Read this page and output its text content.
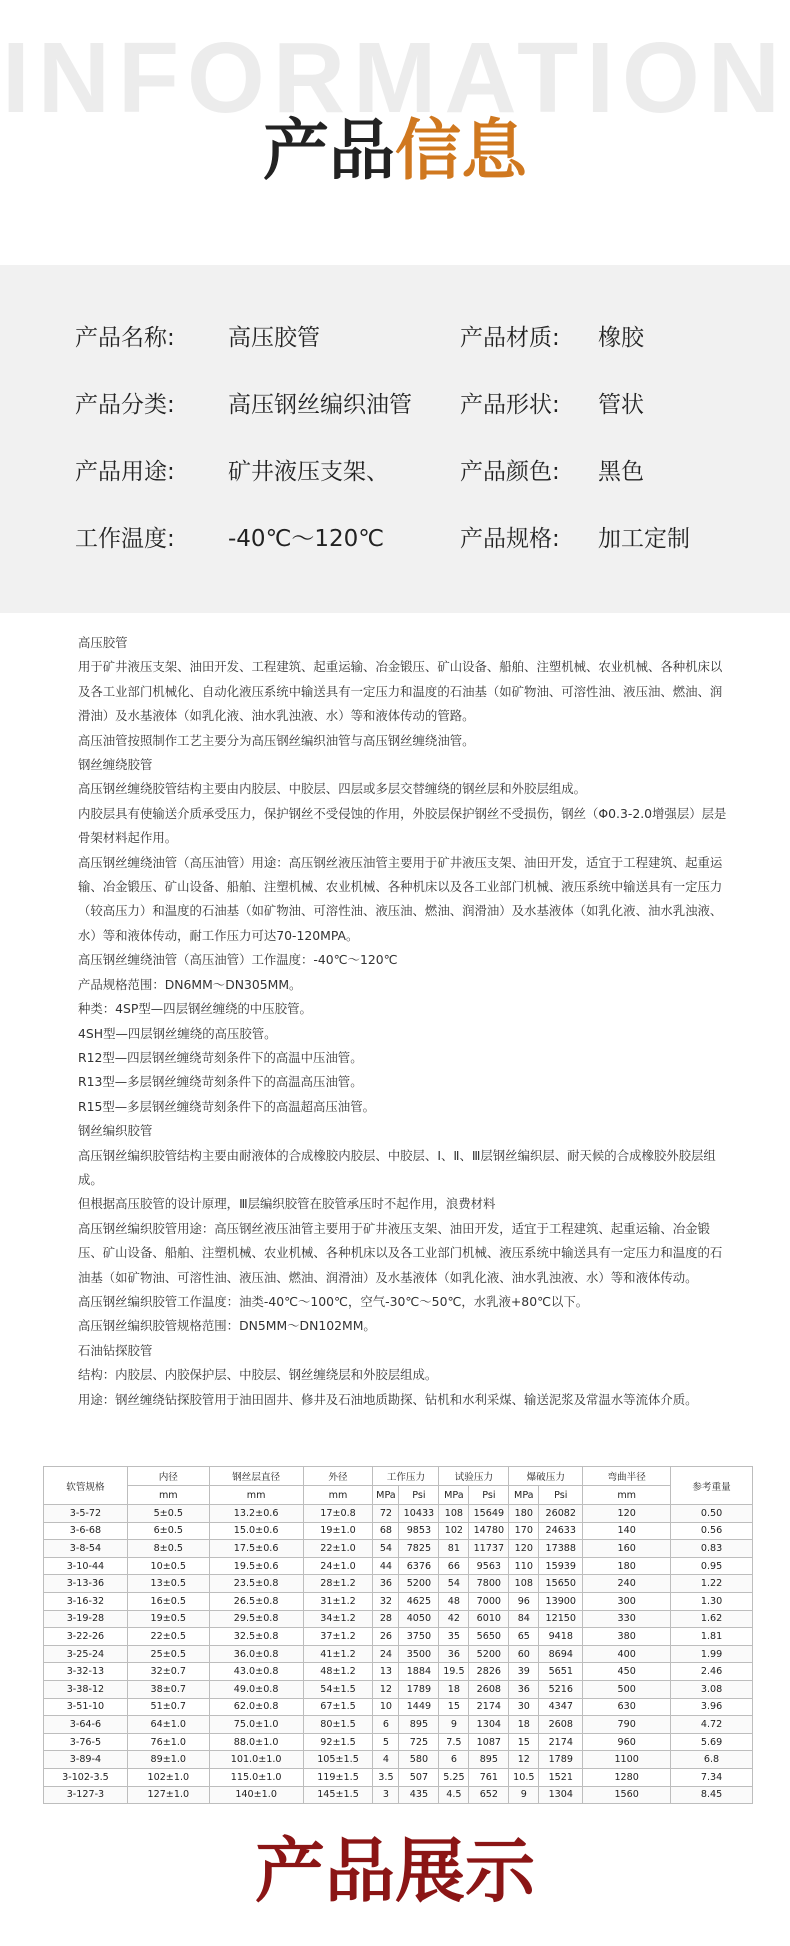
INFORMATION
产品信息
产品名称: 高压胶管	产品材质: 橡胶
产品分类: 高压钢丝编织油管 产品形状: 管状
产品用途: 矿井液压支架、	产品颜色: 黑色
工作温度: -40℃～120℃	产品规格: 加工定制

高压胶管

用于矿井液压支架、油田开发、工程建筑、起重运输、冶金锻压、矿山设备、船舶、注塑机械、农业机械、各种机床以及各工业部门机械化、自动化液压系统中输送具有一定压力和温度的石油基（如矿物油、可溶性油、液压油、燃油、润滑油）及水基液体（如乳化液、油水乳浊液、水）等和液体传动的管路。

高压油管按照制作工艺主要分为高压钢丝编织油管与高压钢丝缠绕油管。

钢丝缠绕胶管

高压钢丝缠绕胶管结构主要由内胶层、中胶层、四层或多层交替缠绕的钢丝层和外胶层组成。

内胶层具有使输送介质承受压力，保护钢丝不受侵蚀的作用，外胶层保护钢丝不受损伤，钢丝（Φ0.3-2.0增强层）层是骨架材料起作用。

高压钢丝缠绕油管（高压油管）用途：高压钢丝液压油管主要用于矿井液压支架、油田开发，适宜于工程建筑、起重运输、冶金锻压、矿山设备、船舶、注塑机械、农业机械、各种机床以及各工业部门机械、液压系统中输送具有一定压力（较高压力）和温度的石油基（如矿物油、可溶性油、液压油、燃油、润滑油）及水基液体（如乳化液、油水乳浊液、水）等和液体传动，耐工作压力可达70-120MPA。

高压钢丝缠绕油管（高压油管）工作温度：-40℃～120℃

产品规格范围：DN6MM～DN305MM。

种类：4SP型—四层钢丝缠绕的中压胶管。

4SH型—四层钢丝缠绕的高压胶管。

R12型—四层钢丝缠绕苛刻条件下的高温中压油管。

R13型—多层钢丝缠绕苛刻条件下的高温高压油管。

R15型—多层钢丝缠绕苛刻条件下的高温超高压油管。

钢丝编织胶管

高压钢丝编织胶管结构主要由耐液体的合成橡胶内胶层、中胶层、Ⅰ、Ⅱ、Ⅲ层钢丝编织层、耐天候的合成橡胶外胶层组成。

但根据高压胶管的设计原理，Ⅲ层编织胶管在胶管承压时不起作用，浪费材料

高压钢丝编织胶管用途：高压钢丝液压油管主要用于矿井液压支架、油田开发，适宜于工程建筑、起重运输、冶金锻压、矿山设备、船舶、注塑机械、农业机械、各种机床以及各工业部门机械、液压系统中输送具有一定压力和温度的石油基（如矿物油、可溶性油、液压油、燃油、润滑油）及水基液体（如乳化液、油水乳浊液、水）等和液体传动。

高压钢丝编织胶管工作温度：油类-40℃～100℃，空气-30℃～50℃，水乳液+80℃以下。

高压钢丝编织胶管规格范围：DN5MM～DN102MM。

石油钻探胶管

结构：内胶层、内胶保护层、中胶层、钢丝缠绕层和外胶层组成。

用途：钢丝缠绕钻探胶管用于油田固井、修井及石油地质勘探、钻机和水利采煤、输送泥浆及常温水等流体介质。

软管规格	内径	钢丝层直径	外径	工作压力		试验压力		爆破压力		弯曲半径	参考重量
	mm	mm	mm	MPa	Psi	MPa	Psi	MPa	Psi	mm	
3-5-72	5±0.5	13.2±0.6	17±0.8	72	10433	108	15649	180	26082	120	0.50
3-6-68	6±0.5	15.0±0.6	19±1.0	68	9853	102	14780	170	24633	140	0.56
3-8-54	8±0.5	17.5±0.6	22±1.0	54	7825	81	11737	120	17388	160	0.83
3-10-44	10±0.5	19.5±0.6	24±1.0	44	6376	66	9563	110	15939	180	0.95
3-13-36	13±0.5	23.5±0.8	28±1.2	36	5200	54	7800	108	15650	240	1.22
3-16-32	16±0.5	26.5±0.8	31±1.2	32	4625	48	7000	96	13900	300	1.30
3-19-28	19±0.5	29.5±0.8	34±1.2	28	4050	42	6010	84	12150	330	1.62
3-22-26	22±0.5	32.5±0.8	37±1.2	26	3750	35	5650	65	9418	380	1.81
3-25-24	25±0.5	36.0±0.8	41±1.2	24	3500	36	5200	60	8694	400	1.99
3-32-13	32±0.7	43.0±0.8	48±1.2	13	1884	19.5	2826	39	5651	450	2.46
3-38-12	38±0.7	49.0±0.8	54±1.5	12	1789	18	2608	36	5216	500	3.08
3-51-10	51±0.7	62.0±0.8	67±1.5	10	1449	15	2174	30	4347	630	3.96
3-64-6	64±1.0	75.0±1.0	80±1.5	6	895	9	1304	18	2608	790	4.72
3-76-5	76±1.0	88.0±1.0	92±1.5	5	725	7.5	1087	15	2174	960	5.69
3-89-4	89±1.0	101.0±1.0	105±1.5	4	580	6	895	12	1789	1100	6.8
3-102-3.5	102±1.0	115.0±1.0	119±1.5	3.5	507	5.25	761	10.5	1521	1280	7.34
3-127-3	127±1.0	140±1.0	145±1.5	3	435	4.5	652	9	1304	1560	8.45
产品展示
